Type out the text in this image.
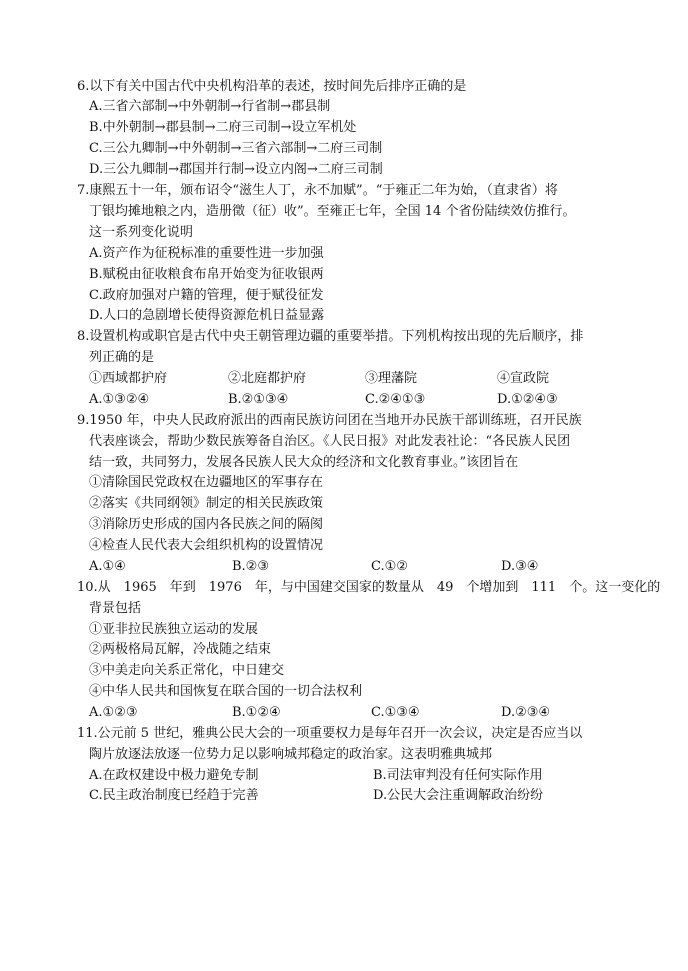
6.以下有关中国古代中央机构沿革的表述，按时间先后排序正确的是
A.三省六部制→中外朝制→行省制→郡县制
B.中外朝制→郡县制→二府三司制→设立军机处
C.三公九卿制→中外朝制→三省六部制→二府三司制
D.三公九卿制→郡国并行制→设立内阁→二府三司制
7.康熙五十一年，颁布诏令“滋生人丁，永不加赋”。“于雍正二年为始，（直隶省）将
丁银均摊地粮之内，造册徵（征）收”。至雍正七年，全国 14 个省份陆续效仿推行。
这一系列变化说明
A.资产作为征税标准的重要性进一步加强
B.赋税由征收粮食布帛开始变为征收银两
C.政府加强对户籍的管理，便于赋役征发
D.人口的急剧增长使得资源危机日益显露
8.设置机构或职官是古代中央王朝管理边疆的重要举措。下列机构按出现的先后顺序，排
列正确的是
①西域都护府	②北庭都护府	③理藩院	④宣政院
A.①③②④	B.②①③④	C.②④①③	D.①②④③
9.1950 年，中央人民政府派出的西南民族访问团在当地开办民族干部训练班，召开民族
代表座谈会，帮助少数民族筹备自治区。《人民日报》对此发表社论：“各民族人民团
结一致，共同努力，发展各民族人民大众的经济和文化教育事业。”该团旨在
①清除国民党政权在边疆地区的军事存在
②落实《共同纲领》制定的相关民族政策
③消除历史形成的国内各民族之间的隔阂
④检查人民代表大会组织机构的设置情况
A.①④	B.②③	C.①②	D.③④
10.从　1965　年到　1976　年，与中国建交国家的数量从　49　个增加到　111　个。这一变化的
背景包括
①亚非拉民族独立运动的发展
②两极格局瓦解，冷战随之结束
③中美走向关系正常化，中日建交
④中华人民共和国恢复在联合国的一切合法权利
A.①②③	B.①②④	C.①③④	D.②③④
11.公元前 5 世纪，雅典公民大会的一项重要权力是每年召开一次会议，决定是否应当以
陶片放逐法放逐一位势力足以影响城邦稳定的政治家。这表明雅典城邦
A.在政权建设中极力避免专制	B.司法审判没有任何实际作用
C.民主政治制度已经趋于完善	D.公民大会注重调解政治纷纷
